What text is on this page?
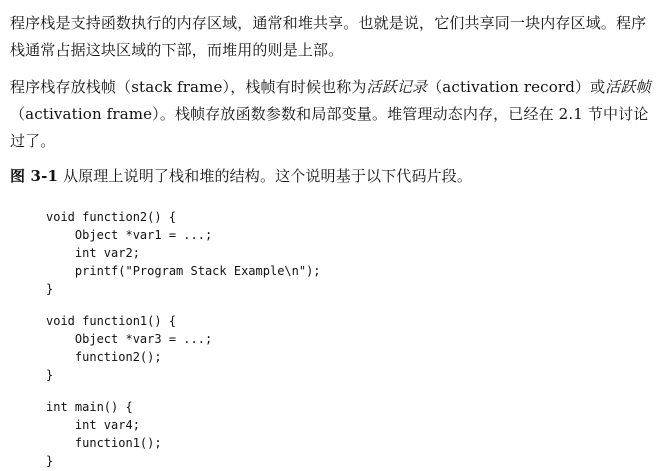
程序栈是支持函数执行的内存区域，通常和堆共享。也就是说，它们共享同一块内存区域。程序栈通常占据这块区域的下部，而堆用的则是上部。

程序栈存放栈帧（stack frame），栈帧有时候也称为活跃记录（activation record）或活跃帧（activation frame）。栈帧存放函数参数和局部变量。堆管理动态内存，已经在 2.1 节中讨论过了。

图 3-1 从原理上说明了栈和堆的结构。这个说明基于以下代码片段。

void function2() {
Object *var1 = ...;
int var2;
printf("Program Stack Example\n");
}
void function1() {
Object *var3 = ...;
function2();
}
int main() {
int var4;
function1();
}
